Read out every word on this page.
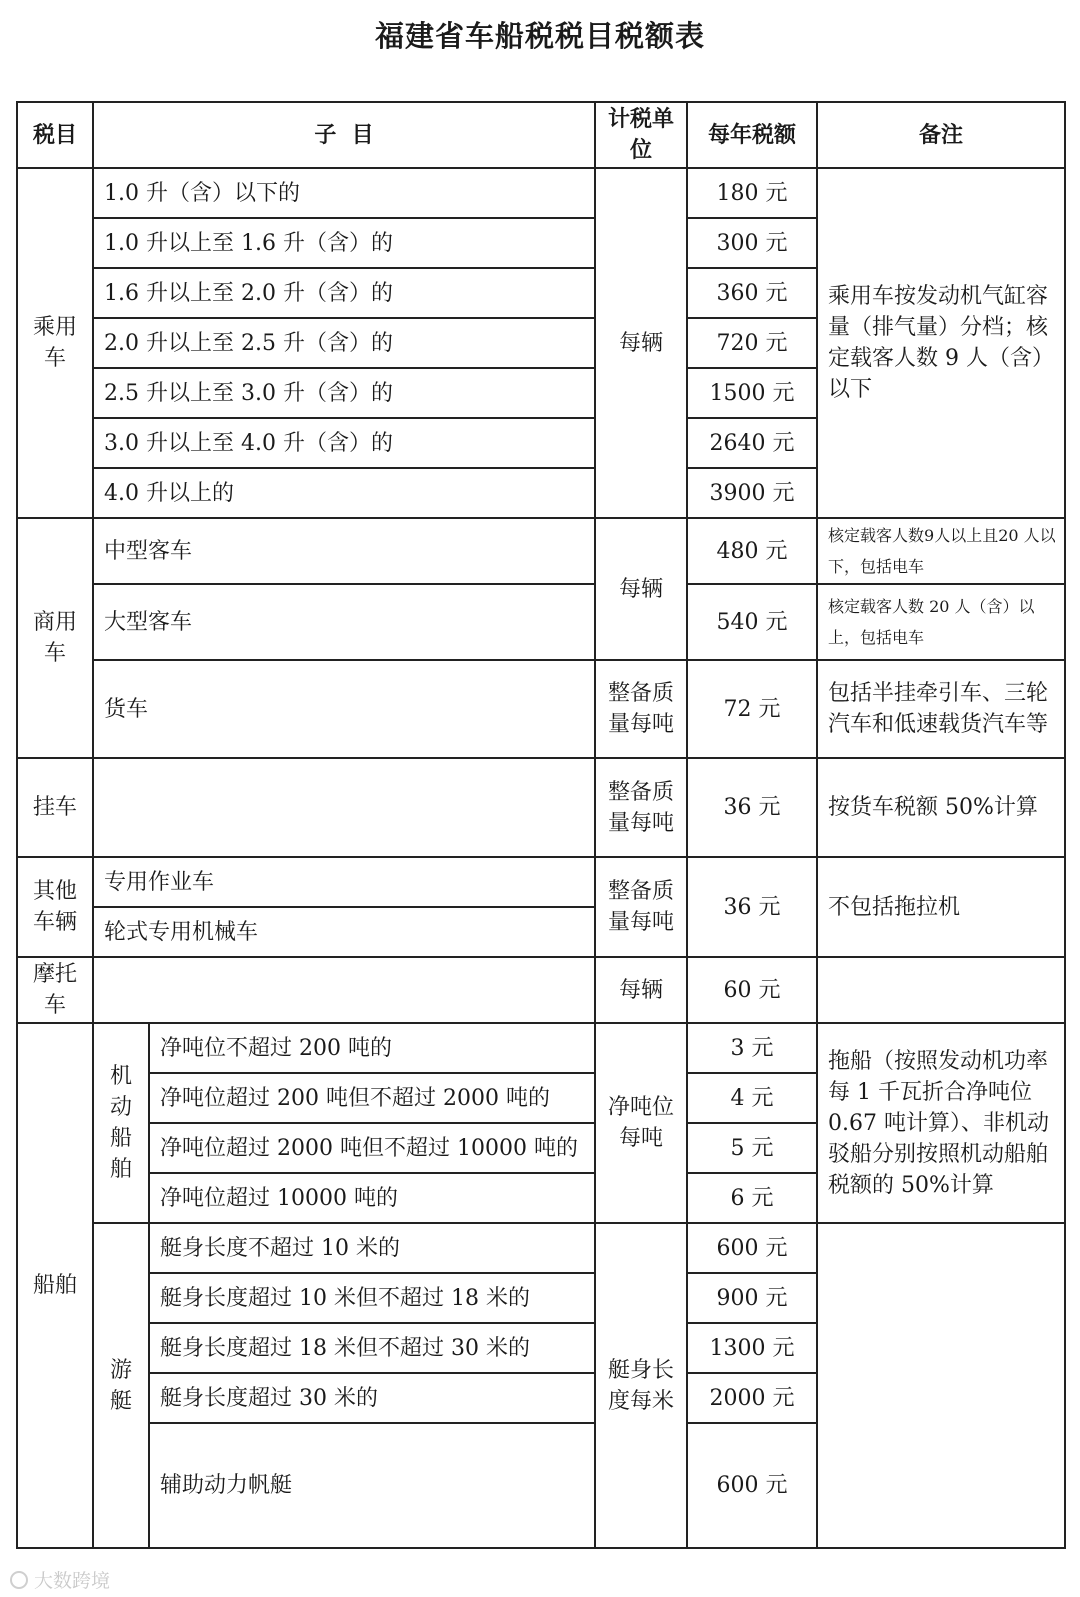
福建省车船税税目税额表
税目	子  目		计税单位	每年税额	备注
乘用车	1.0 升（含）以下的		每辆	180 元	乘用车按发动机气缸容量（排气量）分档；核定载客人数 9 人（含）以下
	1.0 升以上至 1.6 升（含）的			300 元	
	1.6 升以上至 2.0 升（含）的			360 元	
	2.0 升以上至 2.5 升（含）的			720 元	
	2.5 升以上至 3.0 升（含）的			1500 元	
	3.0 升以上至 4.0 升（含）的			2640 元	
	4.0 升以上的			3900 元	
商用车	中型客车		每辆	480 元	核定载客人数9人以上且20 人以下，包括电车
	大型客车			540 元	核定载客人数 20 人（含）以上，包括电车
	货车		整备质量每吨	72 元	包括半挂牵引车、三轮汽车和低速载货汽车等
挂车			整备质量每吨	36 元	按货车税额 50%计算
其他车辆	专用作业车		整备质量每吨	36 元	不包括拖拉机
	轮式专用机械车				
摩托车			每辆	60 元	
船舶	机动船舶	净吨位不超过 200 吨的	净吨位每吨	3 元	拖船（按照发动机功率每 1 千瓦折合净吨位 0.67 吨计算）、非机动驳船分别按照机动船舶税额的 50%计算
		净吨位超过 200 吨但不超过 2000 吨的		4 元	
		净吨位超过 2000 吨但不超过 10000 吨的		5 元	
		净吨位超过 10000 吨的		6 元	
	游艇	艇身长度不超过 10 米的	艇身长度每米	600 元	
		艇身长度超过 10 米但不超过 18 米的		900 元	
		艇身长度超过 18 米但不超过 30 米的		1300 元	
		艇身长度超过 30 米的		2000 元	
		辅助动力帆艇		600 元	
大数跨境
